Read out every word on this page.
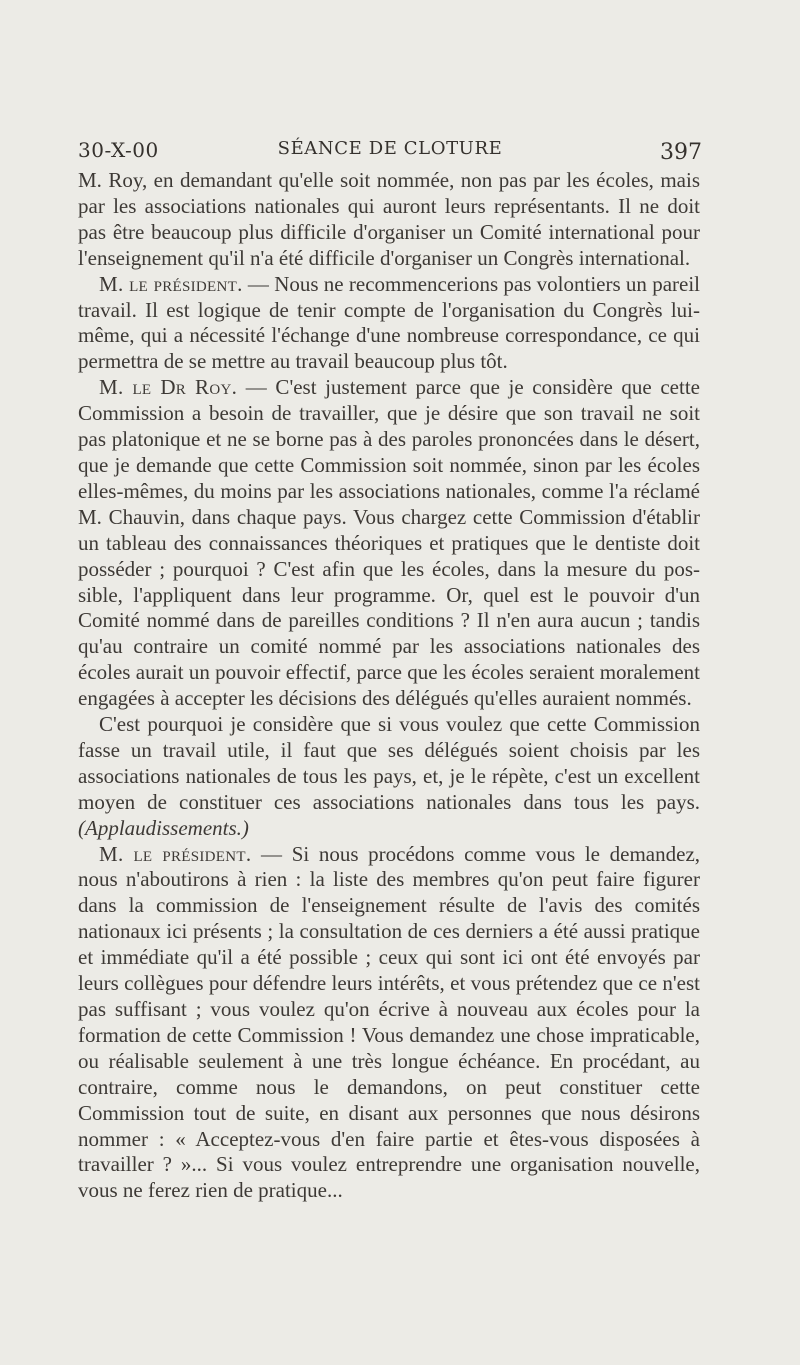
30-X-00	SÉANCE DE CLOTURE	397

M. Roy, en demandant qu'elle soit nommée, non pas par les écoles, mais par les associations nationales qui auront leurs représentants. Il ne doit pas être beaucoup plus difficile d'organiser un Comité international pour l'enseignement qu'il n'a été difficile d'organiser un Congrès international.

M. le président. — Nous ne recommencerions pas volontiers un pareil travail. Il est logique de tenir compte de l'organisation du Congrès lui-même, qui a nécessité l'échange d'une nombreuse correspondance, ce qui permettra de se mettre au travail beaucoup plus tôt.

M. le Dr Roy. — C'est justement parce que je considère que cette Commission a besoin de travailler, que je désire que son travail ne soit pas platonique et ne se borne pas à des paroles prononcées dans le désert, que je demande que cette Commission soit nommée, sinon par les écoles elles-mêmes, du moins par les associations nationales, comme l'a réclamé M. Chauvin, dans chaque pays. Vous chargez cette Commission d'établir un tableau des connaissances théoriques et pratiques que le dentiste doit posséder ; pourquoi ? C'est afin que les écoles, dans la mesure du possible, l'appliquent dans leur programme. Or, quel est le pouvoir d'un Comité nommé dans de pareilles conditions ? Il n'en aura aucun ; tandis qu'au contraire un comité nommé par les associations nationales des écoles aurait un pouvoir effectif, parce que les écoles seraient moralement engagées à accepter les décisions des délégués qu'elles auraient nommés.

C'est pourquoi je considère que si vous voulez que cette Commission fasse un travail utile, il faut que ses délégués soient choisis par les associations nationales de tous les pays, et, je le répète, c'est un excellent moyen de constituer ces associations nationales dans tous les pays. (Applaudissements.)

M. le président. — Si nous procédons comme vous le demandez, nous n'aboutirons à rien : la liste des membres qu'on peut faire figurer dans la commission de l'enseignement résulte de l'avis des comités nationaux ici présents ; la consultation de ces derniers a été aussi pratique et immédiate qu'il a été possible ; ceux qui sont ici ont été envoyés par leurs collègues pour défendre leurs intérêts, et vous prétendez que ce n'est pas suffisant ; vous voulez qu'on écrive à nouveau aux écoles pour la formation de cette Commission ! Vous demandez une chose impraticable, ou réalisable seulement à une très longue échéance. En procédant, au contraire, comme nous le demandons, on peut constituer cette Commission tout de suite, en disant aux personnes que nous désirons nommer : « Acceptez-vous d'en faire partie et êtes-vous disposées à travailler ? »... Si vous voulez entreprendre une organisation nouvelle, vous ne ferez rien de pratique...
